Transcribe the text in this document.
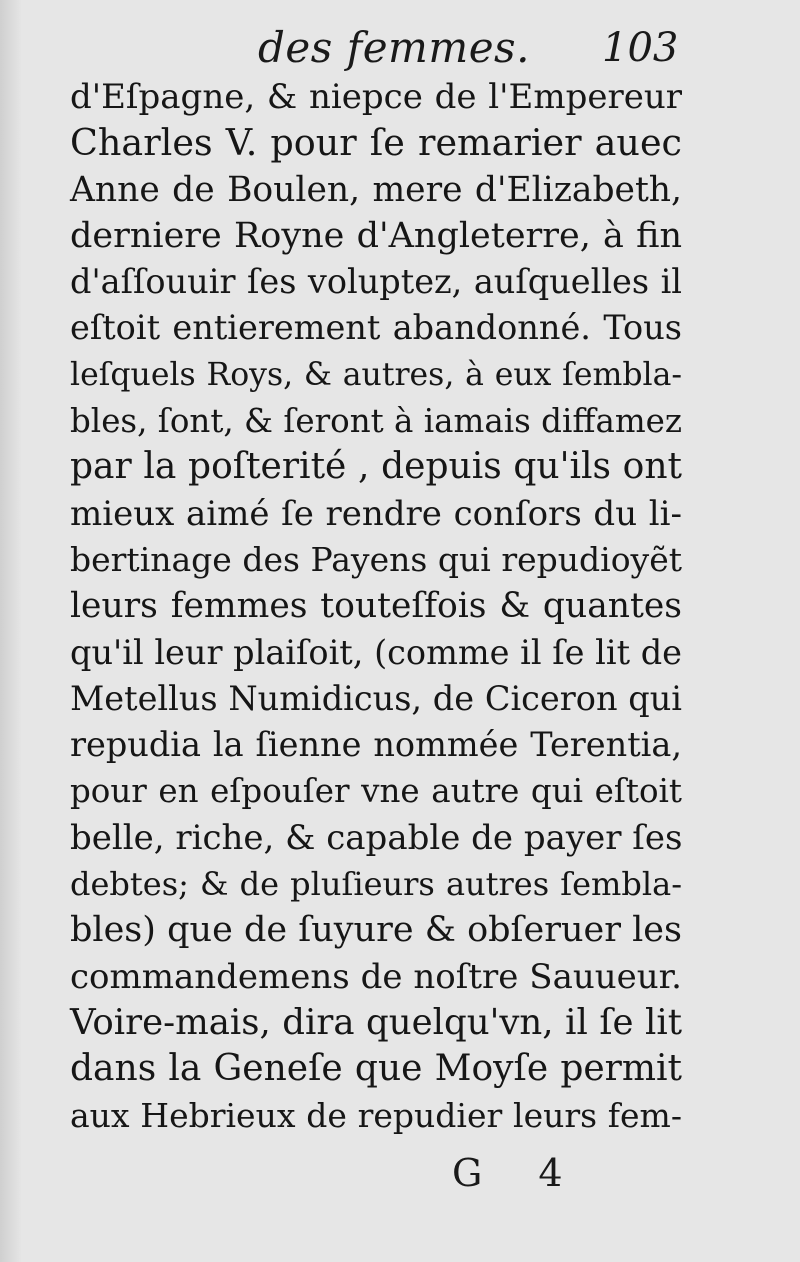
des femmes. 103
d'Eſpagne, & niepce de l'Empereur
Charles V. pour ſe remarier auec
Anne de Boulen, mere d'Elizabeth,
derniere Royne d'Angleterre, à fin
d'aſſouuir ſes voluptez, auſquelles il
eſtoit entierement abandonné. Tous
leſquels Roys, & autres, à eux ſembla-
bles, ſont, & ſeront à iamais diffamez
par la poſterité , depuis qu'ils ont
mieux aimé ſe rendre conſors du li-
bertinage des Payens qui repudioyẽt
leurs femmes touteſfois & quantes
qu'il leur plaiſoit, (comme il ſe lit de
Metellus Numidicus, de Ciceron qui
repudia la ſienne nommée Terentia,
pour en eſpouſer vne autre qui eſtoit
belle, riche, & capable de payer ſes
debtes; & de pluſieurs autres ſembla-
bles) que de ſuyure & obſeruer les
commandemens de noſtre Sauueur.
Voire-mais, dira quelqu'vn, il ſe lit
dans la Geneſe que Moyſe permit
aux Hebrieux de repudier leurs fem-
G 4
